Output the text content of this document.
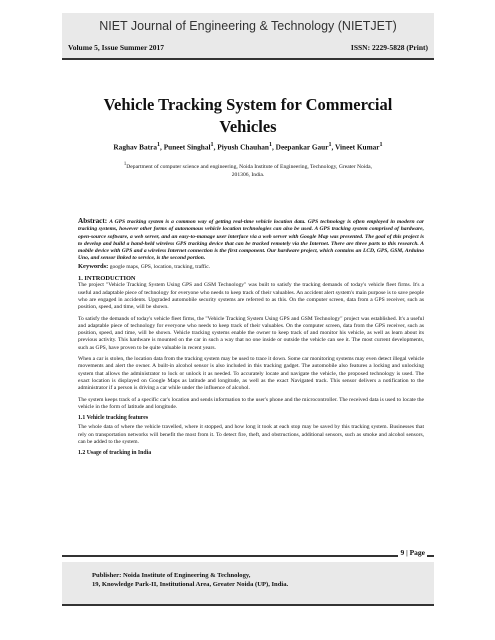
NIET Journal of Engineering & Technology (NIETJET)
Volume 5, Issue Summer 2017	ISSN: 2229-5828 (Print)
Vehicle Tracking System for Commercial
Vehicles
Raghav Batra$^1$, Puneet Singhal$^1$, Piyush Chauhan$^1$, Deepankar Gaur$^1$, Vineet Kumar$^1$
$^1$Department of computer science and engineering, Noida Institute of Engineering, Technology, Greater Noida,
201306, India.

Abstract: A GPS tracking system is a common way of getting real-time vehicle location data. GPS technology is often employed in modern car tracking systems, however other forms of autonomous vehicle location technologies can also be used. A GPS tracking system comprised of hardware, open-source software, a web server, and an easy-to-manage user interface via a web server with Google Map was presented. The goal of this project is to develop and build a hand-held wireless GPS tracking device that can be tracked remotely via the Internet. There are three parts to this research. A mobile device with GPS and a wireless Internet connection is the first component. Our hardware project, which contains an LCD, GPS, GSM, Arduino Uno, and sensor linked to service, is the second portion.
Keywords: google maps, GPS, location, tracking, traffic.

1. INTRODUCTION

The project "Vehicle Tracking System Using GPS and GSM Technology" was built to satisfy the tracking demands of today's vehicle fleet firms. It's a useful and adaptable piece of technology for everyone who needs to keep track of their valuables. An accident alert system's main purpose is to save people who are engaged in accidents. Upgraded automobile security systems are referred to as this. On the computer screen, data from a GPS receiver, such as position, speed, and time, will be shown.

To satisfy the demands of today's vehicle fleet firms, the "Vehicle Tracking System Using GPS and GSM Technology" project was established. It's a useful and adaptable piece of technology for everyone who needs to keep track of their valuables. On the computer screen, data from the GPS receiver, such as position, speed, and time, will be shown. Vehicle tracking systems enable the owner to keep track of and monitor his vehicle, as well as learn about its previous activity. This hardware is mounted on the car in such a way that no one inside or outside the vehicle can see it. The most current developments, such as GPS, have proven to be quite valuable in recent years.

When a car is stolen, the location data from the tracking system may be used to trace it down. Some car monitoring systems may even detect illegal vehicle movements and alert the owner. A built-in alcohol sensor is also included in this tracking gadget. The automobile also features a locking and unlocking system that allows the administrator to lock or unlock it as needed. To accurately locate and navigate the vehicle, the proposed technology is used. The exact location is displayed on Google Maps as latitude and longitude, as well as the exact Navigated track. This sensor delivers a notification to the administrator if a person is driving a car while under the influence of alcohol.

The system keeps track of a specific car's location and sends information to the user's phone and the microcontroller. The received data is used to locate the vehicle in the form of latitude and longitude.

1.1 Vehicle tracking features

The whole data of where the vehicle travelled, where it stopped, and how long it took at each stop may be saved by this tracking system. Businesses that rely on transportation networks will benefit the most from it. To detect fire, theft, and obstructions, additional sensors, such as smoke and alcohol sensors, can be added to the system.

1.2 Usage of tracking in India
9 | Page
Publisher: Noida Institute of Engineering & Technology,
19, Knowledge Park-II, Institutional Area, Greater Noida (UP), India.
